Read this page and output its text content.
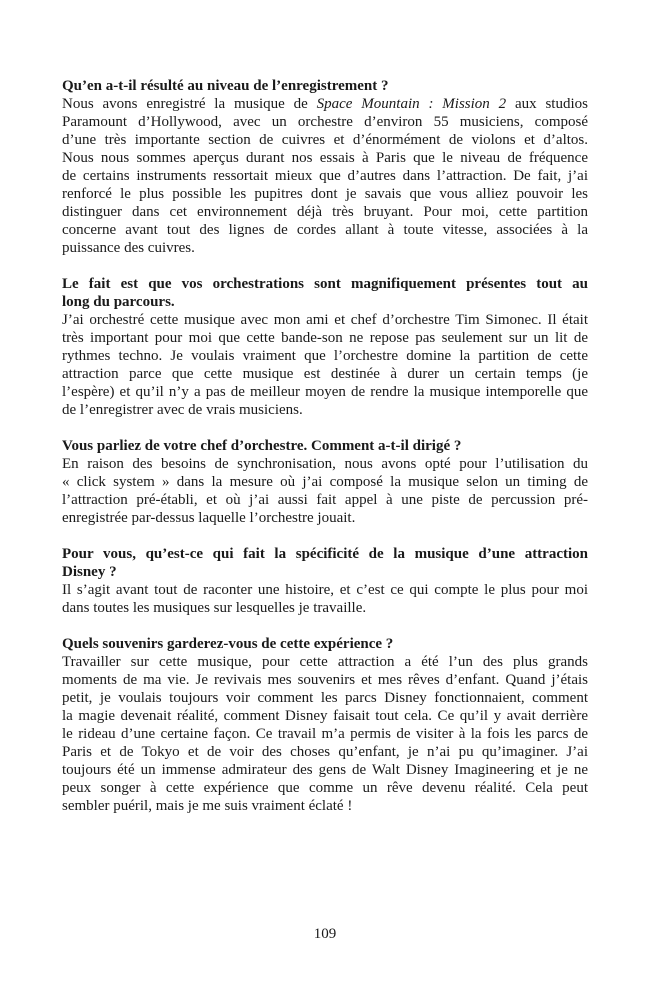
Qu’en a-t-il résulté au niveau de l’enregistrement ?
Nous avons enregistré la musique de Space Mountain : Mission 2 aux studios
Paramount d’Hollywood, avec un orchestre d’environ 55 musiciens, composé
d’une très importante section de cuivres et d’énormément de violons et d’altos.
Nous nous sommes aperçus durant nos essais à Paris que le niveau de fréquence
de certains instruments ressortait mieux que d’autres dans l’attraction. De fait, j’ai
renforcé le plus possible les pupitres dont je savais que vous alliez pouvoir les
distinguer dans cet environnement déjà très bruyant. Pour moi, cette partition
concerne avant tout des lignes de cordes allant à toute vitesse, associées à la
puissance des cuivres.
Le fait est que vos orchestrations sont magnifiquement présentes tout au
long du parcours.
J’ai orchestré cette musique avec mon ami et chef d’orchestre Tim Simonec. Il était
très important pour moi que cette bande-son ne repose pas seulement sur un lit de
rythmes techno. Je voulais vraiment que l’orchestre domine la partition de cette
attraction parce que cette musique est destinée à durer un certain temps (je
l’espère) et qu’il n’y a pas de meilleur moyen de rendre la musique intemporelle que
de l’enregistrer avec de vrais musiciens.
Vous parliez de votre chef d’orchestre. Comment a-t-il dirigé ?
En raison des besoins de synchronisation, nous avons opté pour l’utilisation du
« click system » dans la mesure où j’ai composé la musique selon un timing de
l’attraction pré-établi, et où j’ai aussi fait appel à une piste de percussion pré-
enregistrée par-dessus laquelle l’orchestre jouait.
Pour vous, qu’est-ce qui fait la spécificité de la musique d’une attraction
Disney ?
Il s’agit avant tout de raconter une histoire, et c’est ce qui compte le plus pour moi
dans toutes les musiques sur lesquelles je travaille.
Quels souvenirs garderez-vous de cette expérience ?
Travailler sur cette musique, pour cette attraction a été l’un des plus grands
moments de ma vie. Je revivais mes souvenirs et mes rêves d’enfant. Quand j’étais
petit, je voulais toujours voir comment les parcs Disney fonctionnaient, comment
la magie devenait réalité, comment Disney faisait tout cela. Ce qu’il y avait derrière
le rideau d’une certaine façon. Ce travail m’a permis de visiter à la fois les parcs de
Paris et de Tokyo et de voir des choses qu’enfant, je n’ai pu qu’imaginer. J’ai
toujours été un immense admirateur des gens de Walt Disney Imagineering et je ne
peux songer à cette expérience que comme un rêve devenu réalité. Cela peut
sembler puéril, mais je me suis vraiment éclaté !
109
